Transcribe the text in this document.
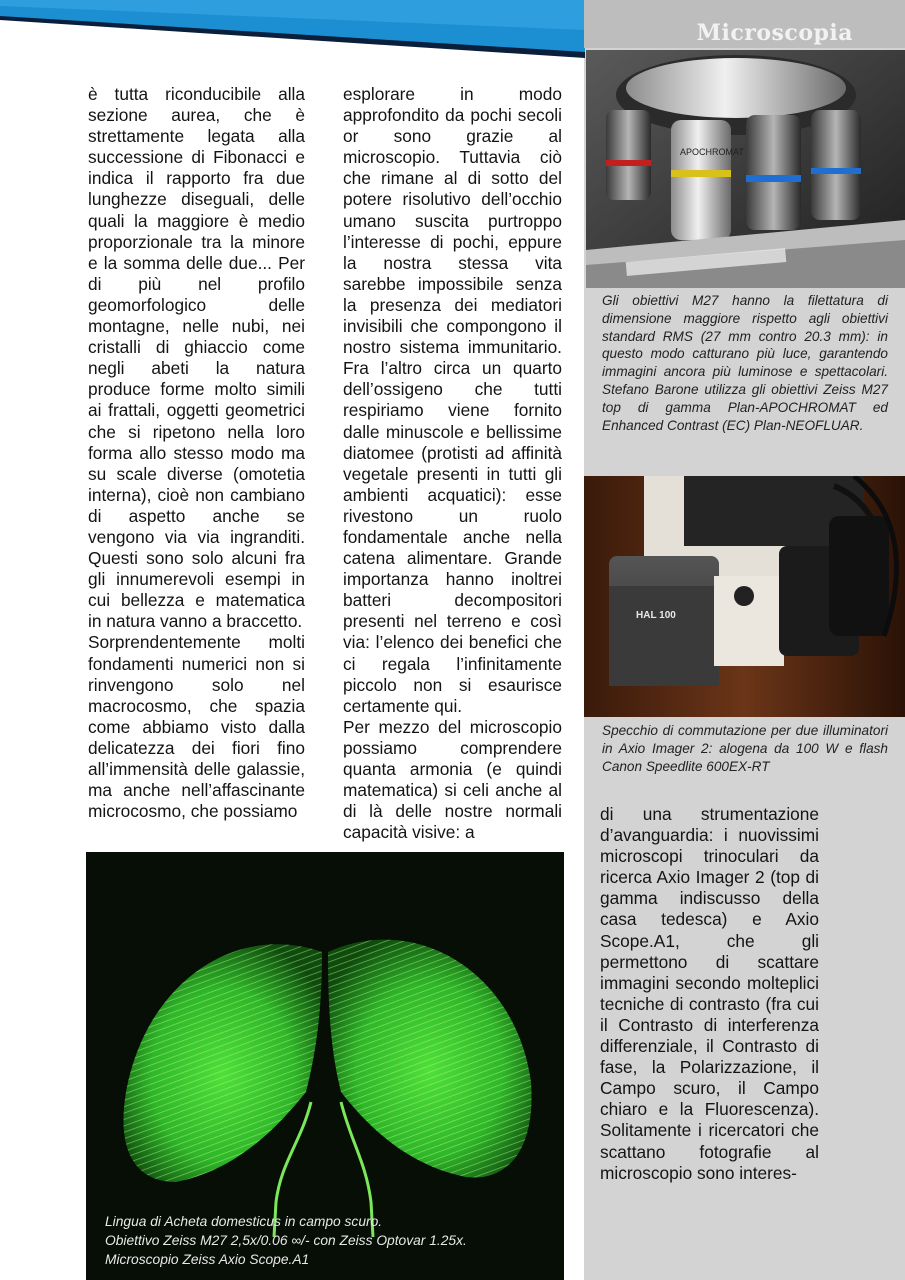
Microscopia

è tutta riconducibile alla sezione aurea, che è strettamente legata alla successione di Fibonacci e indica il rapporto fra due lunghezze diseguali, delle quali la maggiore è medio proporzionale tra la minore e la somma delle due... Per di più nel profilo geomorfologico delle montagne, nelle nubi, nei cristalli di ghiaccio come negli abeti la natura produce forme molto simili ai frattali, oggetti geometrici che si ripetono nella loro forma allo stesso modo ma su scale diverse (omotetia interna), cioè non cambiano di aspetto anche se vengono via via ingranditi. Questi sono solo alcuni fra gli innumerevoli esempi in cui bellezza e matematica in natura vanno a braccetto.

Sorprendentemente molti fondamenti numerici non si rinvengono solo nel macrocosmo, che spazia come abbiamo visto dalla delicatezza dei fiori fino all’immensità delle galassie, ma anche nell’affascinante microcosmo, che possiamo

esplorare in modo approfondito da pochi secoli or sono grazie al microscopio. Tuttavia ciò che rimane al di sotto del potere risolutivo dell’occhio umano suscita purtroppo l’interesse di pochi, eppure la nostra stessa vita sarebbe impossibile senza la presenza dei mediatori invisibili che compongono il nostro sistema immunitario. Fra l’altro circa un quarto dell’ossigeno che tutti respiriamo viene fornito dalle minuscole e bellissime diatomee (protisti ad affinità vegetale presenti in tutti gli ambienti acquatici): esse rivestono un ruolo fondamentale anche nella catena alimentare. Grande importanza hanno inoltrei batteri decompositori presenti nel terreno e così via: l’elenco dei benefici che ci regala l’infinitamente piccolo non si esaurisce certamente qui.

Per mezzo del microscopio possiamo comprendere quanta armonia (e quindi matematica) si celi anche al di là delle nostre normali capacità visive: a

di una strumentazione d’avanguardia: i nuovissimi microscopi trinoculari da ricerca Axio Imager 2 (top di gamma indiscusso della casa tedesca) e Axio Scope.A1, che gli permettono di scattare immagini secondo molteplici tecniche di contrasto (fra cui il Contrasto di interferenza differenziale, il Contrasto di fase, la Polarizzazione, il Campo scuro, il Campo chiaro e la Fluorescenza). Solitamente i ricercatori che scattano fotografie al microscopio sono interes-

APOCHROMAT
Gli obiettivi M27 hanno la filettatura di dimensione maggiore rispetto agli obiettivi standard RMS (27 mm contro 20.3 mm): in questo modo catturano più luce, garantendo immagini ancora più luminose e spettacolari. Stefano Barone utilizza gli obiettivi Zeiss M27 top di gamma Plan-APOCHROMAT ed Enhanced Contrast (EC) Plan-NEOFLUAR.
HAL 100
Specchio di commutazione per due illuminatori in Axio Imager 2: alogena da 100 W e flash Canon Speedlite 600EX-RT
Lingua di Acheta domesticus in campo scuro.
Obiettivo Zeiss M27 2,5x/0.06 ∞/- con Zeiss Optovar 1.25x.
Microscopio Zeiss Axio Scope.A1
